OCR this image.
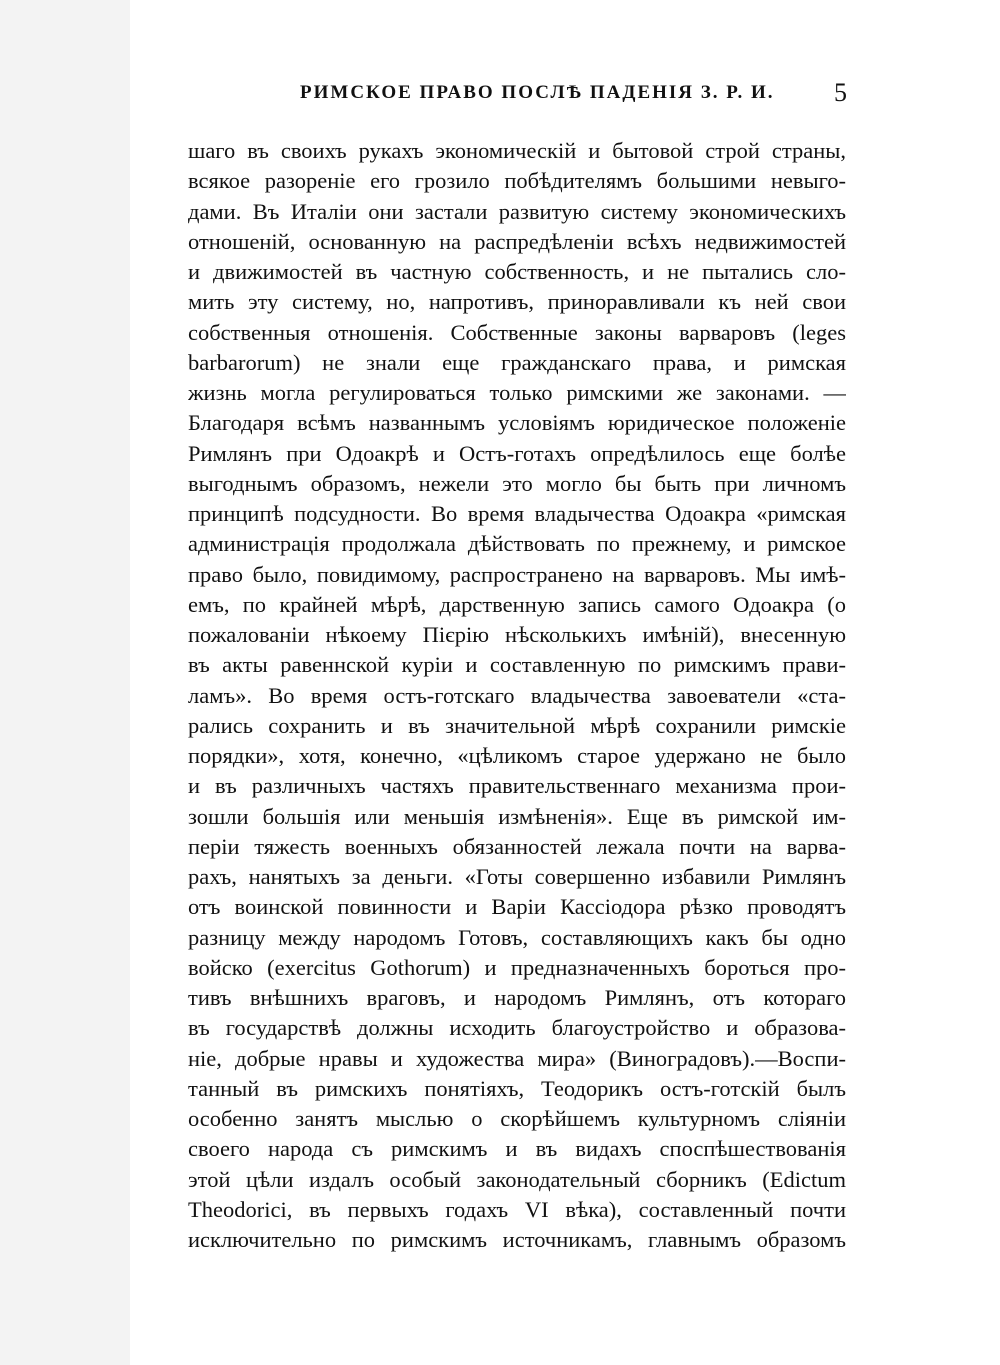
РИМСКОЕ ПРАВО ПОСЛѢ ПАДЕНІЯ З. Р. И. 5
шаго въ своихъ рукахъ экономическій и бытовой строй страны,
всякое разореніе его грозило побѣдителямъ большими невыго-
дами. Въ Италіи они застали развитую систему экономическихъ
отношеній, основанную на распредѣленіи всѣхъ недвижимостей
и движимостей въ частную собственность, и не пытались сло-
мить эту систему, но, напротивъ, приноравливали къ ней свои
собственныя отношенія. Собственные законы варваровъ (leges
barbarorum) не знали еще гражданскаго права, и римская
жизнь могла регулироваться только римскими же законами. —
Благодаря всѣмъ названнымъ условіямъ юридическое положеніе
Римлянъ при Одоакрѣ и Остъ-готахъ опредѣлилось еще болѣе
выгоднымъ образомъ, нежели это могло бы быть при личномъ
принципѣ подсудности. Во время владычества Одоакра «римская
администрація продолжала дѣйствовать по прежнему, и римское
право было, повидимому, распространено на варваровъ. Мы имѣ-
емъ, по крайней мѣрѣ, дарственную запись самого Одоакра (о
пожалованіи нѣкоему Пієрію нѣсколькихъ имѣній), внесенную
въ акты равеннской куріи и составленную по римскимъ прави-
ламъ». Во время остъ-готскаго владычества завоеватели «ста-
рались сохранить и въ значительной мѣрѣ сохранили римскіе
порядки», хотя, конечно, «цѣликомъ старое удержано не было
и въ различныхъ частяхъ правительственнаго механизма прои-
зошли большія или меньшія измѣненія». Еще въ римской им-
періи тяжесть военныхъ обязанностей лежала почти на варва-
рахъ, нанятыхъ за деньги. «Готы совершенно избавили Римлянъ
отъ воинской повинности и Варіи Кассіодора рѣзко проводятъ
разницу между народомъ Готовъ, составляющихъ какъ бы одно
войско (exercitus Gothorum) и предназначенныхъ бороться про-
тивъ внѣшнихъ враговъ, и народомъ Римлянъ, отъ котораго
въ государствѣ должны исходить благоустройство и образова-
ніе, добрые нравы и художества мира» (Виноградовъ).—Воспи-
танный въ римскихъ понятіяхъ, Теодорикъ остъ-готскій былъ
особенно занятъ мыслью о скорѣйшемъ культурномъ сліяніи
своего народа съ римскимъ и въ видахъ споспѣшествованія
этой цѣли издалъ особый законодательный сборникъ (Edictum
Theodorici, въ первыхъ годахъ VI вѣка), составленный почти
исключительно по римскимъ источникамъ, главнымъ образомъ
